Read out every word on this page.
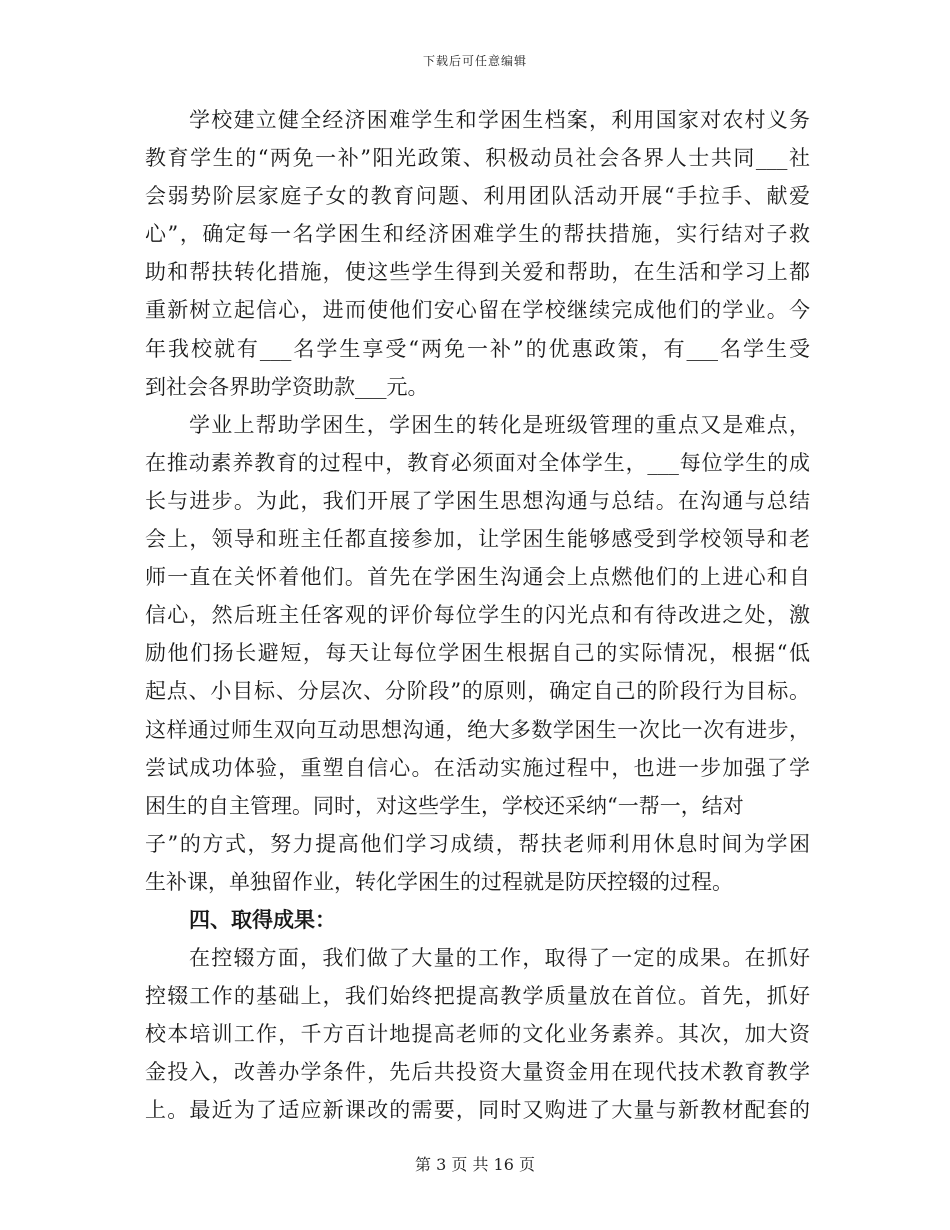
下载后可任意编辑
学校建立健全经济困难学生和学困生档案，利用国家对农村义务
教育学生的“两免一补”阳光政策、积极动员社会各界人士共同___社
会弱势阶层家庭子女的教育问题、利用团队活动开展“手拉手、献爱
心”，确定每一名学困生和经济困难学生的帮扶措施，实行结对子救
助和帮扶转化措施，使这些学生得到关爱和帮助，在生活和学习上都
重新树立起信心，进而使他们安心留在学校继续完成他们的学业。今
年我校就有___名学生享受“两免一补”的优惠政策，有___名学生受
到社会各界助学资助款___元。
学业上帮助学困生，学困生的转化是班级管理的重点又是难点，
在推动素养教育的过程中，教育必须面对全体学生，___每位学生的成
长与进步。为此，我们开展了学困生思想沟通与总结。在沟通与总结
会上，领导和班主任都直接参加，让学困生能够感受到学校领导和老
师一直在关怀着他们。首先在学困生沟通会上点燃他们的上进心和自
信心，然后班主任客观的评价每位学生的闪光点和有待改进之处，激
励他们扬长避短，每天让每位学困生根据自己的实际情况，根据“低
起点、小目标、分层次、分阶段”的原则，确定自己的阶段行为目标。
这样通过师生双向互动思想沟通，绝大多数学困生一次比一次有进步，
尝试成功体验，重塑自信心。在活动实施过程中，也进一步加强了学
困生的自主管理。同时，对这些学生，学校还采纳“一帮一，结对
子”的方式，努力提高他们学习成绩，帮扶老师利用休息时间为学困
生补课，单独留作业，转化学困生的过程就是防厌控辍的过程。
四、取得成果：
在控辍方面，我们做了大量的工作，取得了一定的成果。在抓好
控辍工作的基础上，我们始终把提高教学质量放在首位。首先，抓好
校本培训工作，千方百计地提高老师的文化业务素养。其次，加大资
金投入，改善办学条件，先后共投资大量资金用在现代技术教育教学
上。最近为了适应新课改的需要，同时又购进了大量与新教材配套的
第 3 页 共 16 页
